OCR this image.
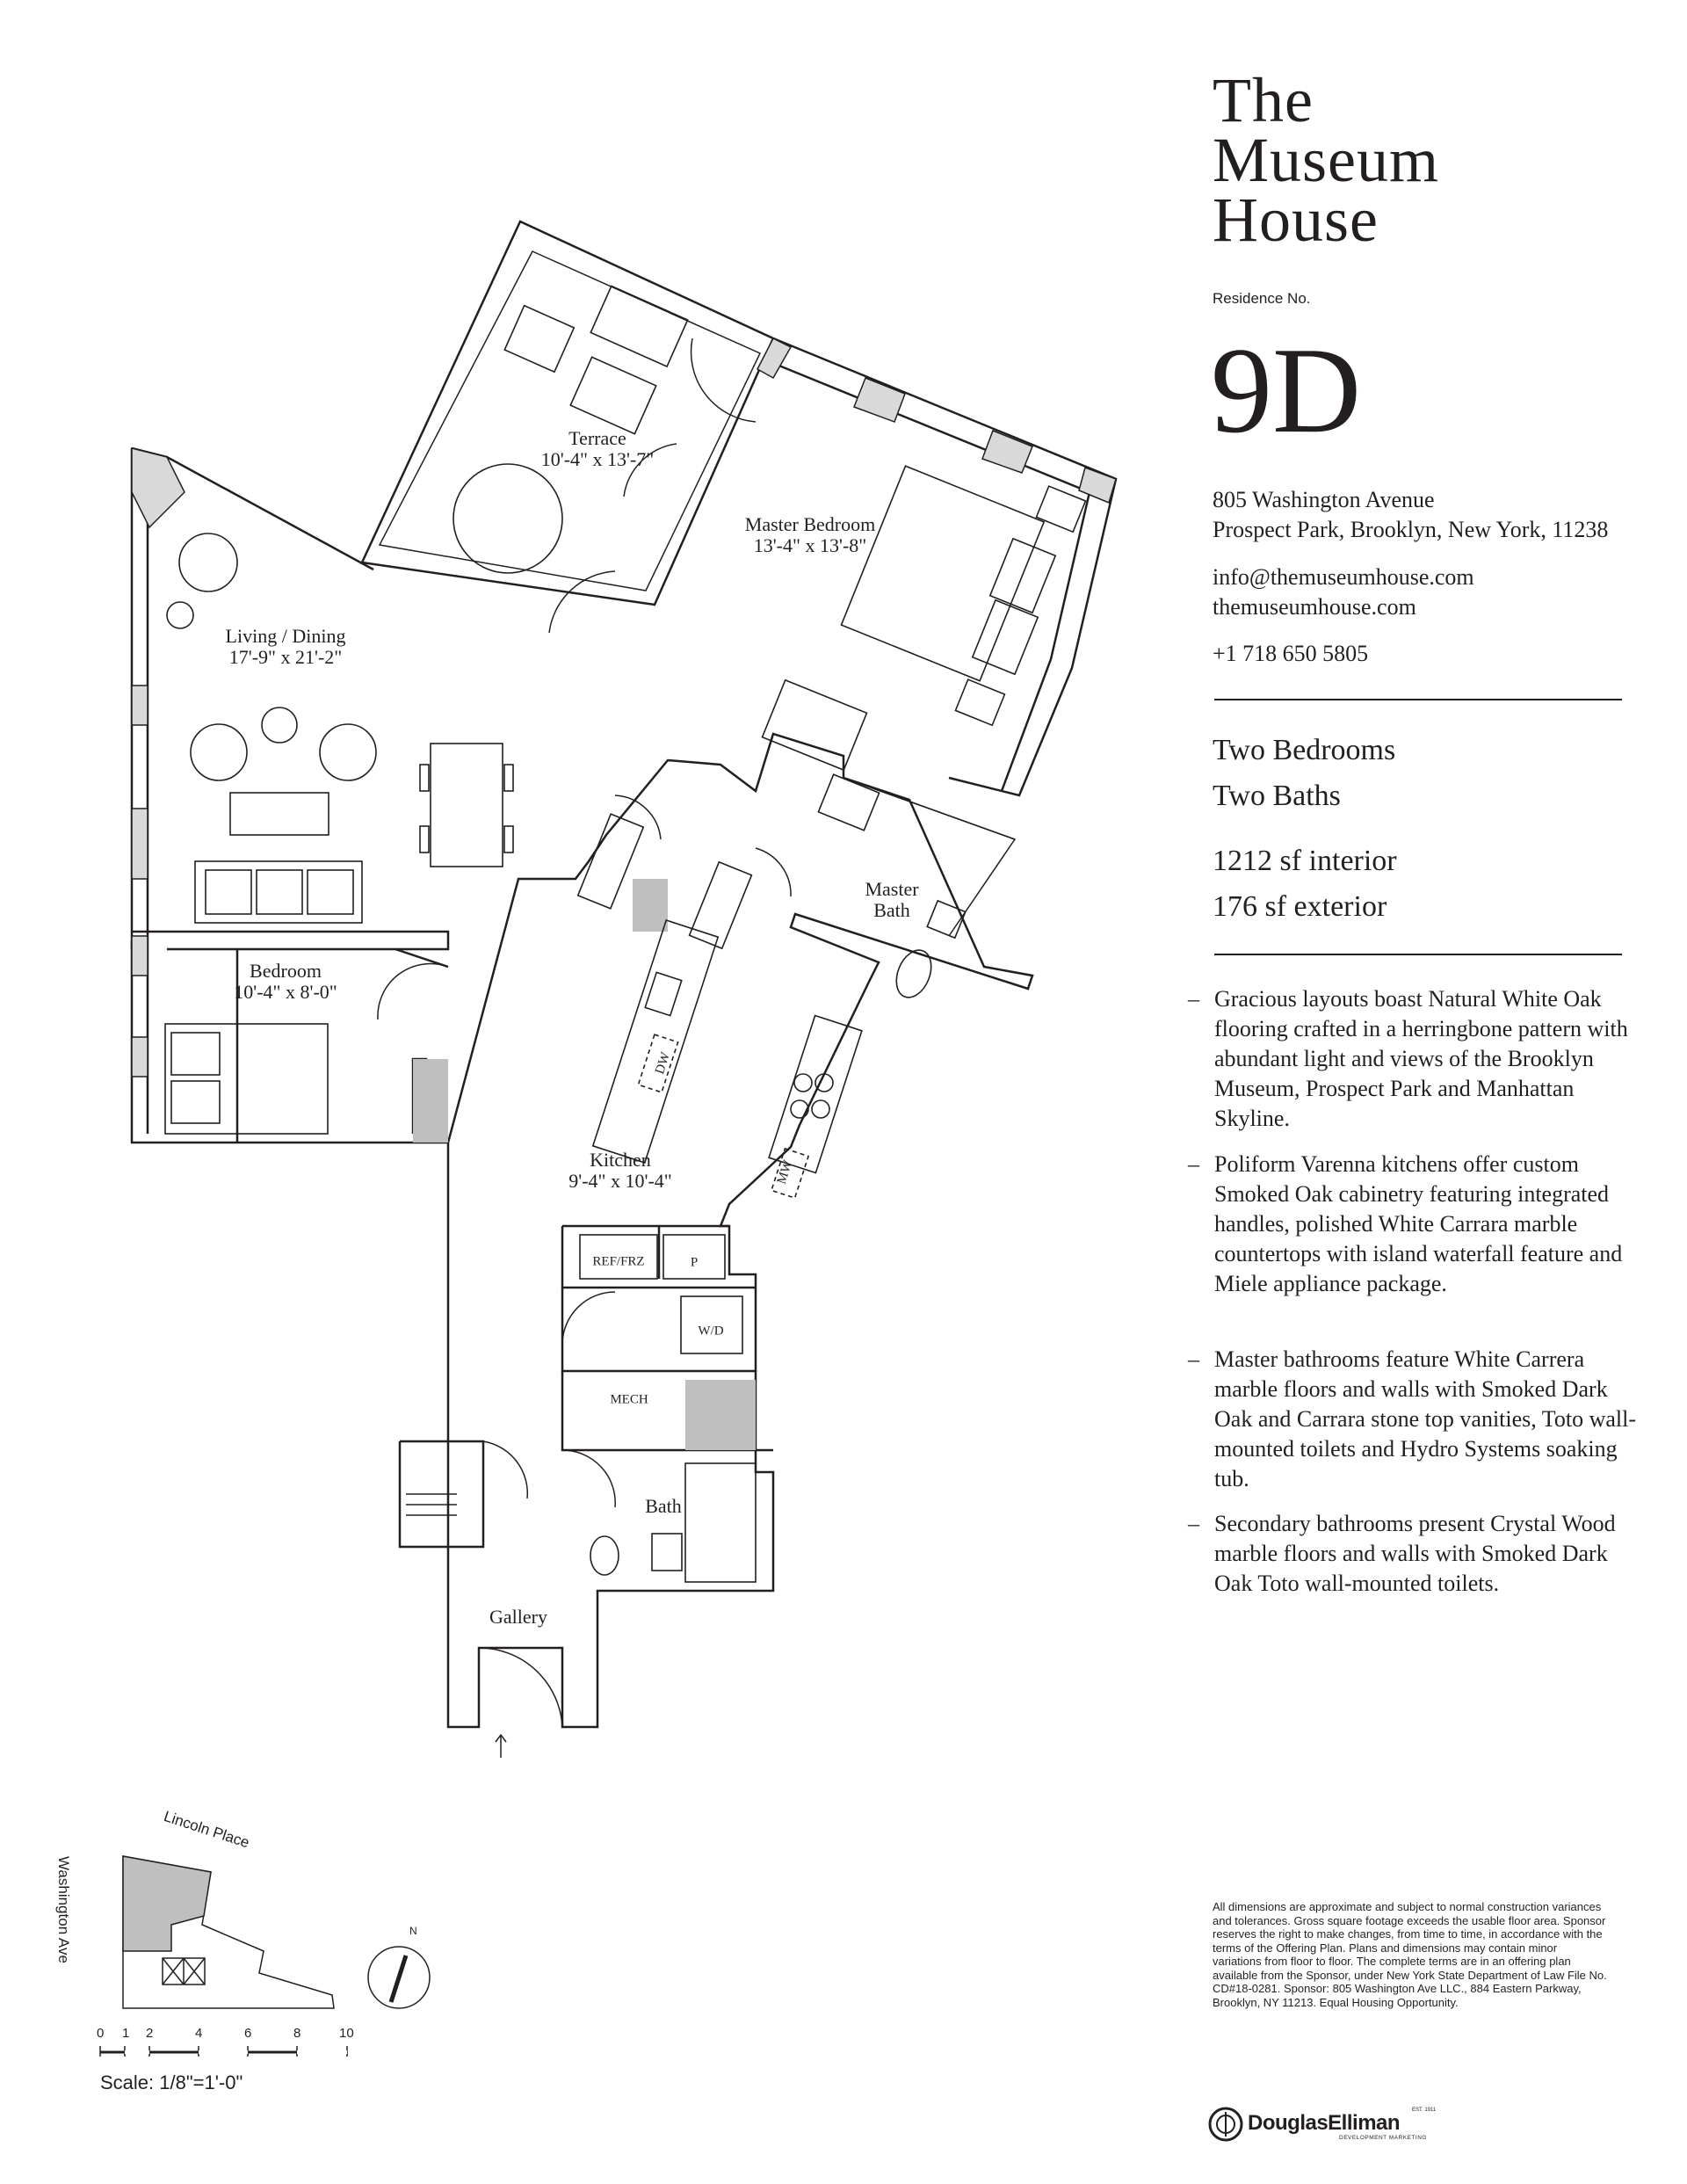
Terrace
10'-4" x 13'-7"
Master Bedroom
13'-4" x 13'-8"
Living / Dining
17'-9" x 21'-2"
Bedroom
10'-4" x 8'-0"
Kitchen
9'-4" x 10'-4"
Master
Bath
Bath
Gallery
REF/FRZ	P
W/D
MECH
DW
MW
Lincoln Place
Washington Ave	N
0 1 2	4	6	8	10
Scale: 1/8"=1'-0"
The
Museum
House
Residence No.
9D
805 Washington Avenue
Prospect Park, Brooklyn, New York, 11238
info@themuseumhouse.com
themuseumhouse.com
+1 718 650 5805
Two Bedrooms
Two Baths
1212 sf interior
176 sf exterior
– Gracious layouts boast Natural White Oak flooring crafted in a herringbone pattern with abundant light and views of the Brooklyn Museum, Prospect Park and Manhattan Skyline.
– Poliform Varenna kitchens offer custom Smoked Oak cabinetry featuring integrated handles, polished White Carrara marble countertops with island waterfall feature and Miele appliance package.
– Master bathrooms feature White Carrera marble floors and walls with Smoked Dark Oak and Carrara stone top vanities, Toto wall-mounted toilets and Hydro Systems soaking tub.
– Secondary bathrooms present Crystal Wood marble floors and walls with Smoked Dark Oak Toto wall-mounted toilets.
All dimensions are approximate and subject to normal construction variances and tolerances. Gross square footage exceeds the usable floor area. Sponsor reserves the right to make changes, from time to time, in accordance with the terms of the Offering Plan. Plans and dimensions may contain minor variations from floor to floor. The complete terms are in an offering plan available from the Sponsor, under New York State Department of Law File No. CD#18-0281. Sponsor: 805 Washington Ave LLC., 884 Eastern Parkway, Brooklyn, NY 11213. Equal Housing Opportunity.
DouglasElliman
EST. 1911
DEVELOPMENT MARKETING
